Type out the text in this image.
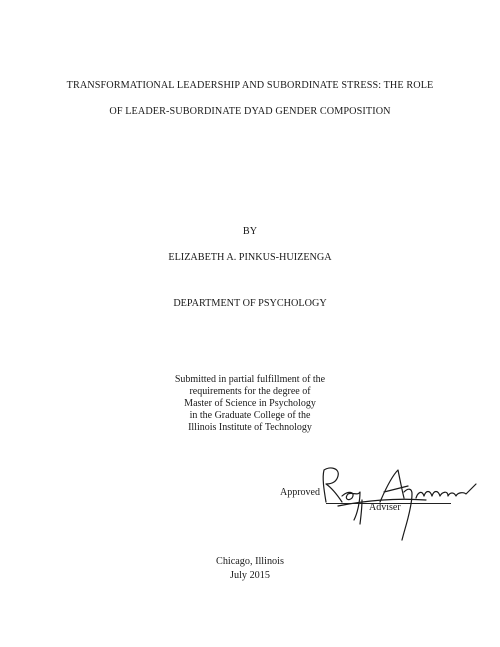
TRANSFORMATIONAL LEADERSHIP AND SUBORDINATE STRESS: THE ROLE
OF LEADER-SUBORDINATE DYAD GENDER COMPOSITION
BY
ELIZABETH A. PINKUS-HUIZENGA
DEPARTMENT OF PSYCHOLOGY
Submitted in partial fulfillment of the
requirements for the degree of
Master of Science in Psychology
in the Graduate College of the
Illinois Institute of Technology
Approved
Adviser
Chicago, Illinois
July 2015
